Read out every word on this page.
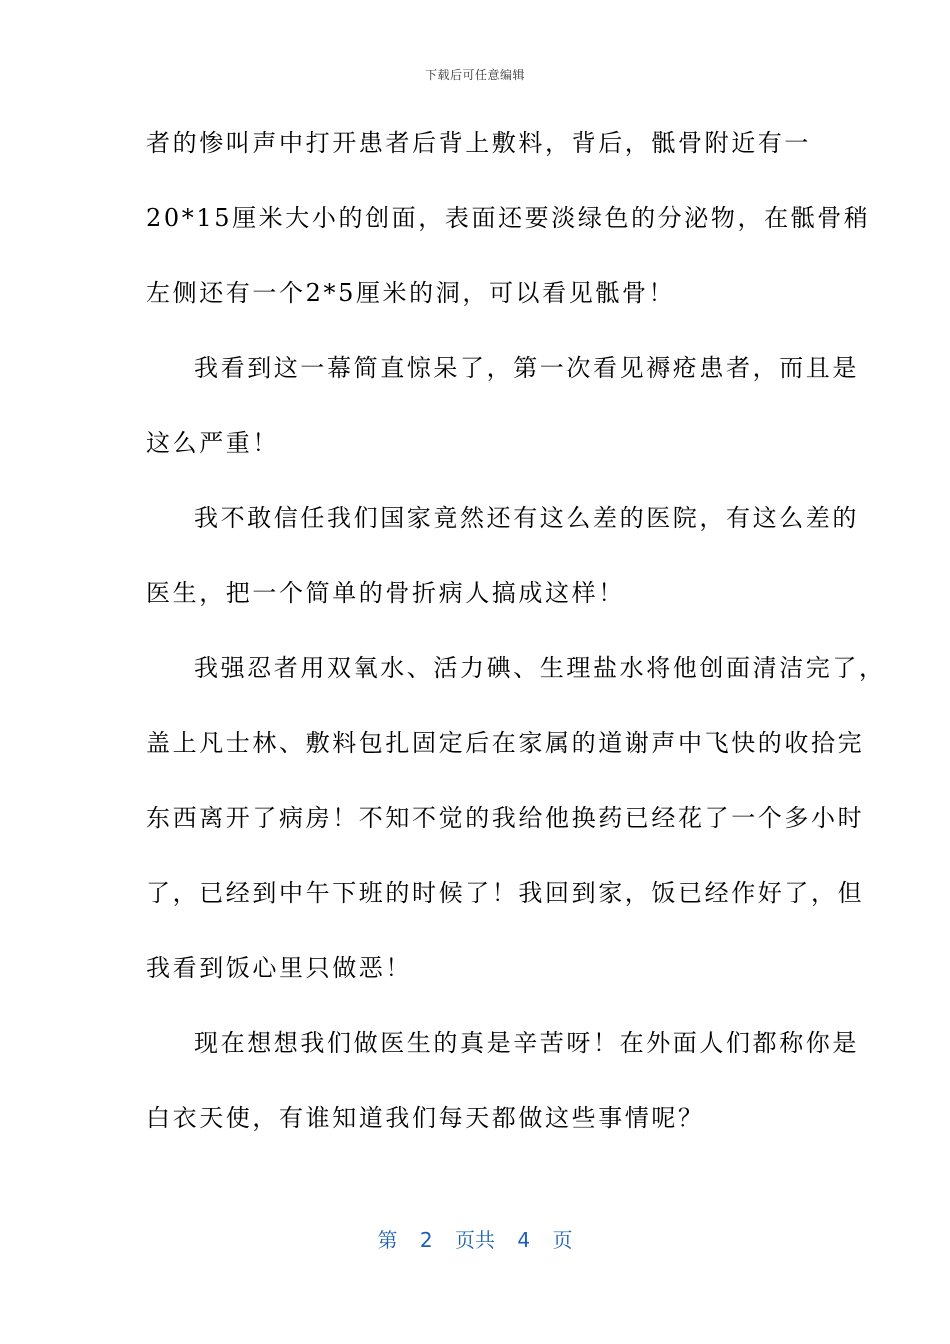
下载后可任意编辑
者的惨叫声中打开患者后背上敷料，背后，骶骨附近有一
20*15厘米大小的创面，表面还要淡绿色的分泌物，在骶骨稍
左侧还有一个2*5厘米的洞，可以看见骶骨！
我看到这一幕简直惊呆了，第一次看见褥疮患者，而且是
这么严重！
我不敢信任我们国家竟然还有这么差的医院，有这么差的
医生，把一个简单的骨折病人搞成这样！
我强忍者用双氧水、活力碘、生理盐水将他创面清洁完了，
盖上凡士林、敷料包扎固定后在家属的道谢声中飞快的收拾完
东西离开了病房！不知不觉的我给他换药已经花了一个多小时
了，已经到中午下班的时候了！我回到家，饭已经作好了，但
我看到饭心里只做恶！
现在想想我们做医生的真是辛苦呀！在外面人们都称你是
白衣天使，有谁知道我们每天都做这些事情呢？
第 2 页共 4 页
